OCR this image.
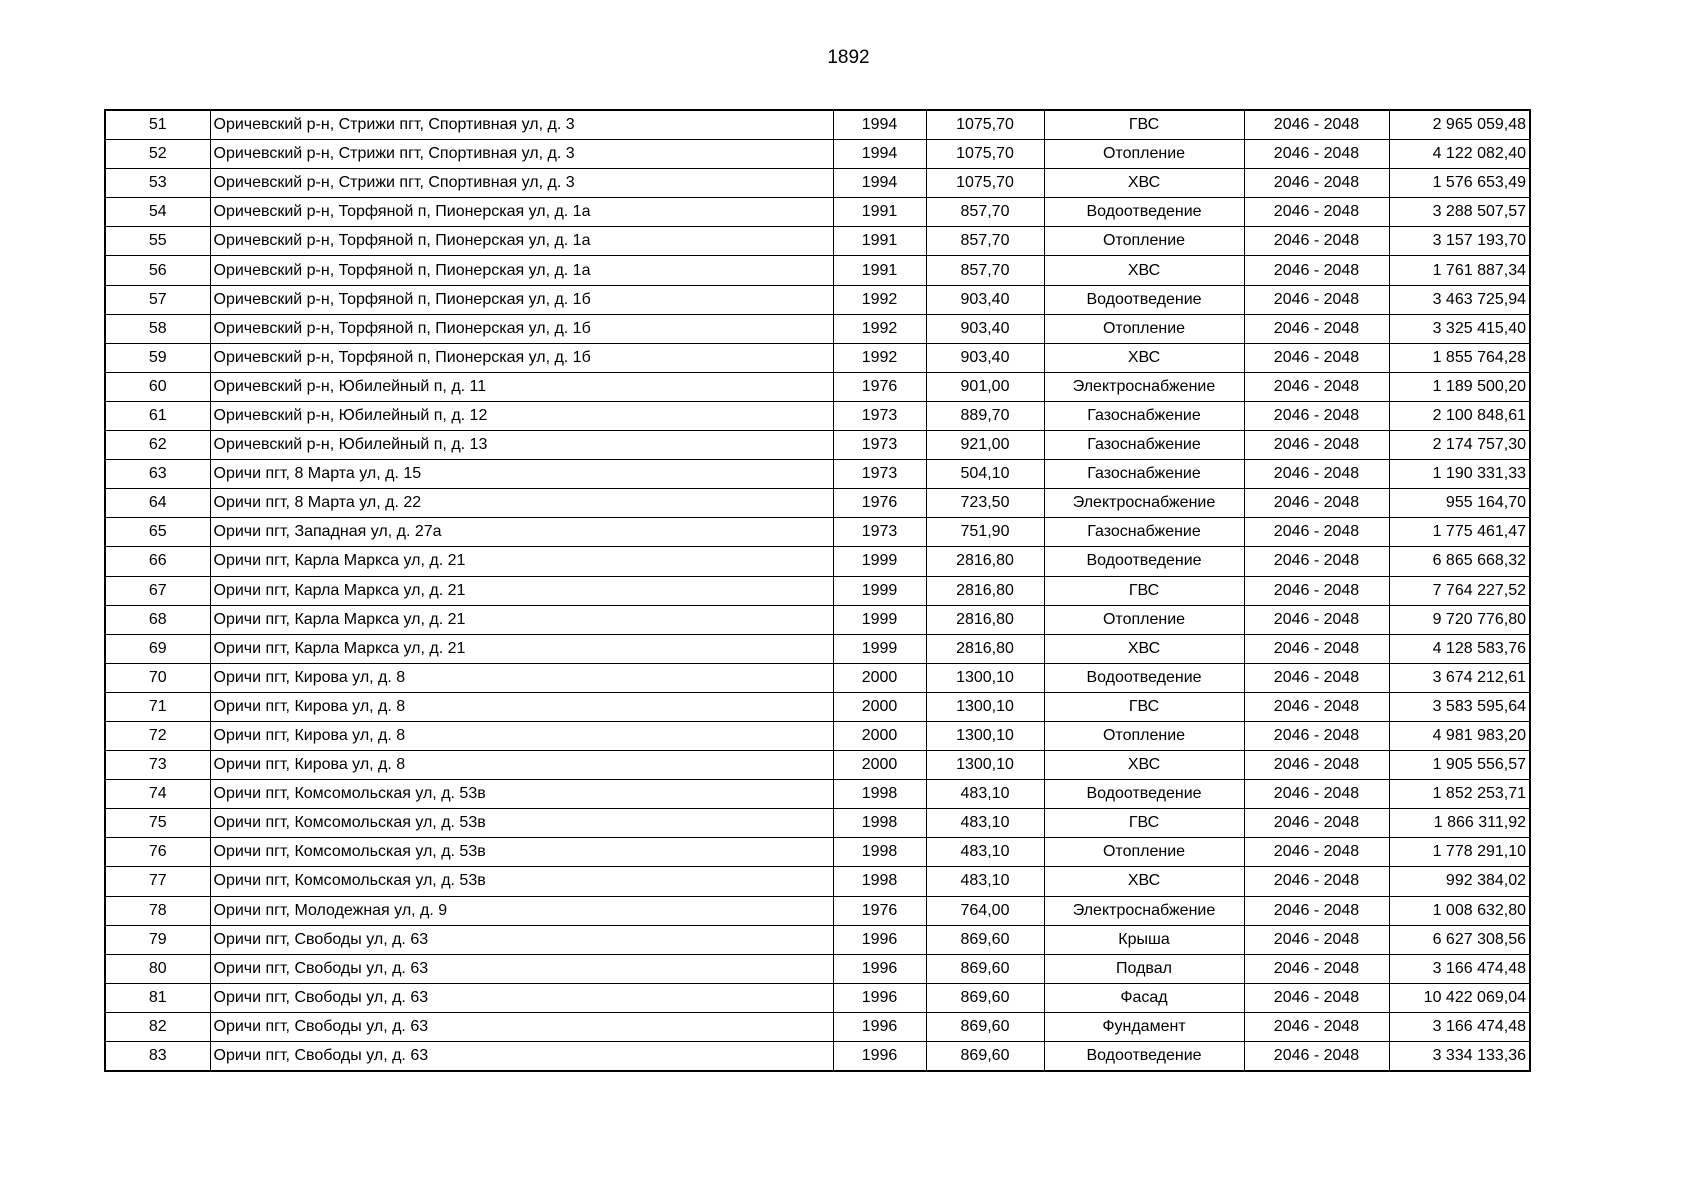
1892
51	Оричевский р-н, Стрижи пгт, Спортивная ул, д. 3	1994	1075,70	ГВС	2046 - 2048	2 965 059,48
52	Оричевский р-н, Стрижи пгт, Спортивная ул, д. 3	1994	1075,70	Отопление	2046 - 2048	4 122 082,40
53	Оричевский р-н, Стрижи пгт, Спортивная ул, д. 3	1994	1075,70	ХВС	2046 - 2048	1 576 653,49
54	Оричевский р-н, Торфяной п, Пионерская ул, д. 1а	1991	857,70	Водоотведение	2046 - 2048	3 288 507,57
55	Оричевский р-н, Торфяной п, Пионерская ул, д. 1а	1991	857,70	Отопление	2046 - 2048	3 157 193,70
56	Оричевский р-н, Торфяной п, Пионерская ул, д. 1а	1991	857,70	ХВС	2046 - 2048	1 761 887,34
57	Оричевский р-н, Торфяной п, Пионерская ул, д. 1б	1992	903,40	Водоотведение	2046 - 2048	3 463 725,94
58	Оричевский р-н, Торфяной п, Пионерская ул, д. 1б	1992	903,40	Отопление	2046 - 2048	3 325 415,40
59	Оричевский р-н, Торфяной п, Пионерская ул, д. 1б	1992	903,40	ХВС	2046 - 2048	1 855 764,28
60	Оричевский р-н, Юбилейный п, д. 11	1976	901,00	Электроснабжение	2046 - 2048	1 189 500,20
61	Оричевский р-н, Юбилейный п, д. 12	1973	889,70	Газоснабжение	2046 - 2048	2 100 848,61
62	Оричевский р-н, Юбилейный п, д. 13	1973	921,00	Газоснабжение	2046 - 2048	2 174 757,30
63	Оричи пгт, 8 Марта ул, д. 15	1973	504,10	Газоснабжение	2046 - 2048	1 190 331,33
64	Оричи пгт, 8 Марта ул, д. 22	1976	723,50	Электроснабжение	2046 - 2048	955 164,70
65	Оричи пгт, Западная ул, д. 27а	1973	751,90	Газоснабжение	2046 - 2048	1 775 461,47
66	Оричи пгт, Карла Маркса ул, д. 21	1999	2816,80	Водоотведение	2046 - 2048	6 865 668,32
67	Оричи пгт, Карла Маркса ул, д. 21	1999	2816,80	ГВС	2046 - 2048	7 764 227,52
68	Оричи пгт, Карла Маркса ул, д. 21	1999	2816,80	Отопление	2046 - 2048	9 720 776,80
69	Оричи пгт, Карла Маркса ул, д. 21	1999	2816,80	ХВС	2046 - 2048	4 128 583,76
70	Оричи пгт, Кирова ул, д. 8	2000	1300,10	Водоотведение	2046 - 2048	3 674 212,61
71	Оричи пгт, Кирова ул, д. 8	2000	1300,10	ГВС	2046 - 2048	3 583 595,64
72	Оричи пгт, Кирова ул, д. 8	2000	1300,10	Отопление	2046 - 2048	4 981 983,20
73	Оричи пгт, Кирова ул, д. 8	2000	1300,10	ХВС	2046 - 2048	1 905 556,57
74	Оричи пгт, Комсомольская ул, д. 53в	1998	483,10	Водоотведение	2046 - 2048	1 852 253,71
75	Оричи пгт, Комсомольская ул, д. 53в	1998	483,10	ГВС	2046 - 2048	1 866 311,92
76	Оричи пгт, Комсомольская ул, д. 53в	1998	483,10	Отопление	2046 - 2048	1 778 291,10
77	Оричи пгт, Комсомольская ул, д. 53в	1998	483,10	ХВС	2046 - 2048	992 384,02
78	Оричи пгт, Молодежная ул, д. 9	1976	764,00	Электроснабжение	2046 - 2048	1 008 632,80
79	Оричи пгт, Свободы ул, д. 63	1996	869,60	Крыша	2046 - 2048	6 627 308,56
80	Оричи пгт, Свободы ул, д. 63	1996	869,60	Подвал	2046 - 2048	3 166 474,48
81	Оричи пгт, Свободы ул, д. 63	1996	869,60	Фасад	2046 - 2048	10 422 069,04
82	Оричи пгт, Свободы ул, д. 63	1996	869,60	Фундамент	2046 - 2048	3 166 474,48
83	Оричи пгт, Свободы ул, д. 63	1996	869,60	Водоотведение	2046 - 2048	3 334 133,36
